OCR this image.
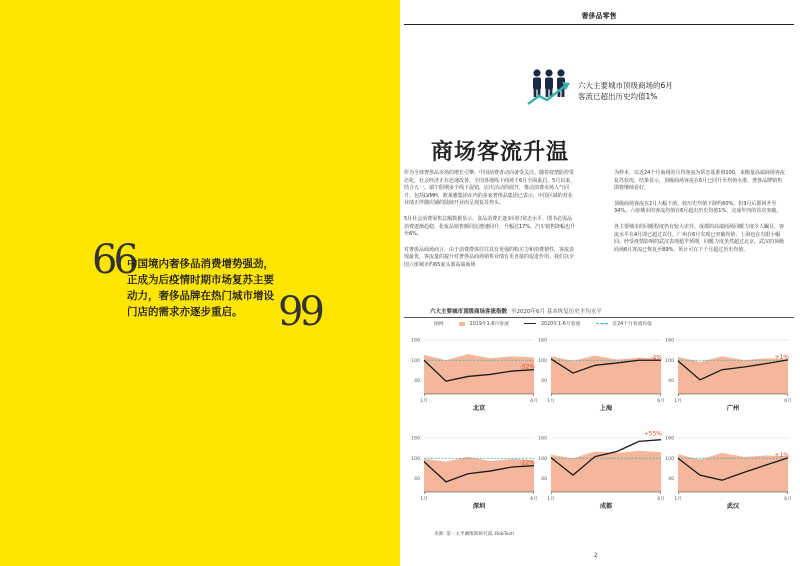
66
中国境内奢侈品消费增势强劲，
正成为后疫情时期市场复苏主要
动力，奢侈品牌在热门城市增设
门店的需求亦逐步重启。 99
奢侈品零售
六大主要城市顶级商场的6月
客流已超出历史均值1%
商场客流升温

作为全球奢侈品市场的增长引擎，中国消费者动向备受关注。随着疫情防控常态化，社会经济正在迅速改善，全国各地线下商场于6月全面重启。5月以来，结合五一、端午假期多个线下促销，店庆活动的展开，推动消费市场人气回升。包括LVMH，欧莱雅集团在内的多家奢侈品集团已表示，中国区域的营业业绩正伴随店铺的陆续开业而呈现复苏势头。

5月社会消费零售总额数据显示，食品消费正逐步回归常态水平，图书必需品消费逐渐趋稳，化妆品销售额同比增速回升，升幅达17%，汽车销售降幅也升至6%。

对奢侈品商场而言，由于消费群体往往具有更强的购买力和消费韧性，客流表现最优，客流量的提升对奢侈品商场销售业绩有更直接的促进作用。我们以全国六座城市约65家头部高端商场

为样本，以近24个月商场的月均客流为常态基准值100，来衡量高端商场客流复苏状况。结果显示，顶级商场客流在6月已回升至均值水准，奢侈品牌销售即将继续看好。

顶级商场客流在2月大幅下滑，较历史均值下降约60%。但3月后即回升至34%。六座城市的客流均值在6月超出历史均值1%，完成年内的首次突破。

各主要城市的回暖程度仍有较大差异。成都的高端商场回暖力度令人瞩目，客流水平在4月即已超过以往，广州在6月实现已突破均值，上海也在有限小幅回，经受疫情影响的武汉表现超乎预期，回暖力度虽然超过北京，武汉的顶级商场6月客流已恢复至89%，预计可在下个月超过历史均值。

六大主要城市顶级商场客流指数 至2020年6月 基本恢复历史平均水平
图例	2019年1-6月客流	2020年1-6月客流	近24个月客流均值
40
100
160
1月	6月
北京
-32%
40
100
160
1月	6月
上海
-4%
40
100
160
1月	6月
广州
+1%
40
100
160
1月	6月
深圳
-22%
40
100
160
1月	6月
成都
+55%
40
100
160
1月	6月
武汉
+1%
来源: 第一太平戴维斯研究部, RobTech
2
